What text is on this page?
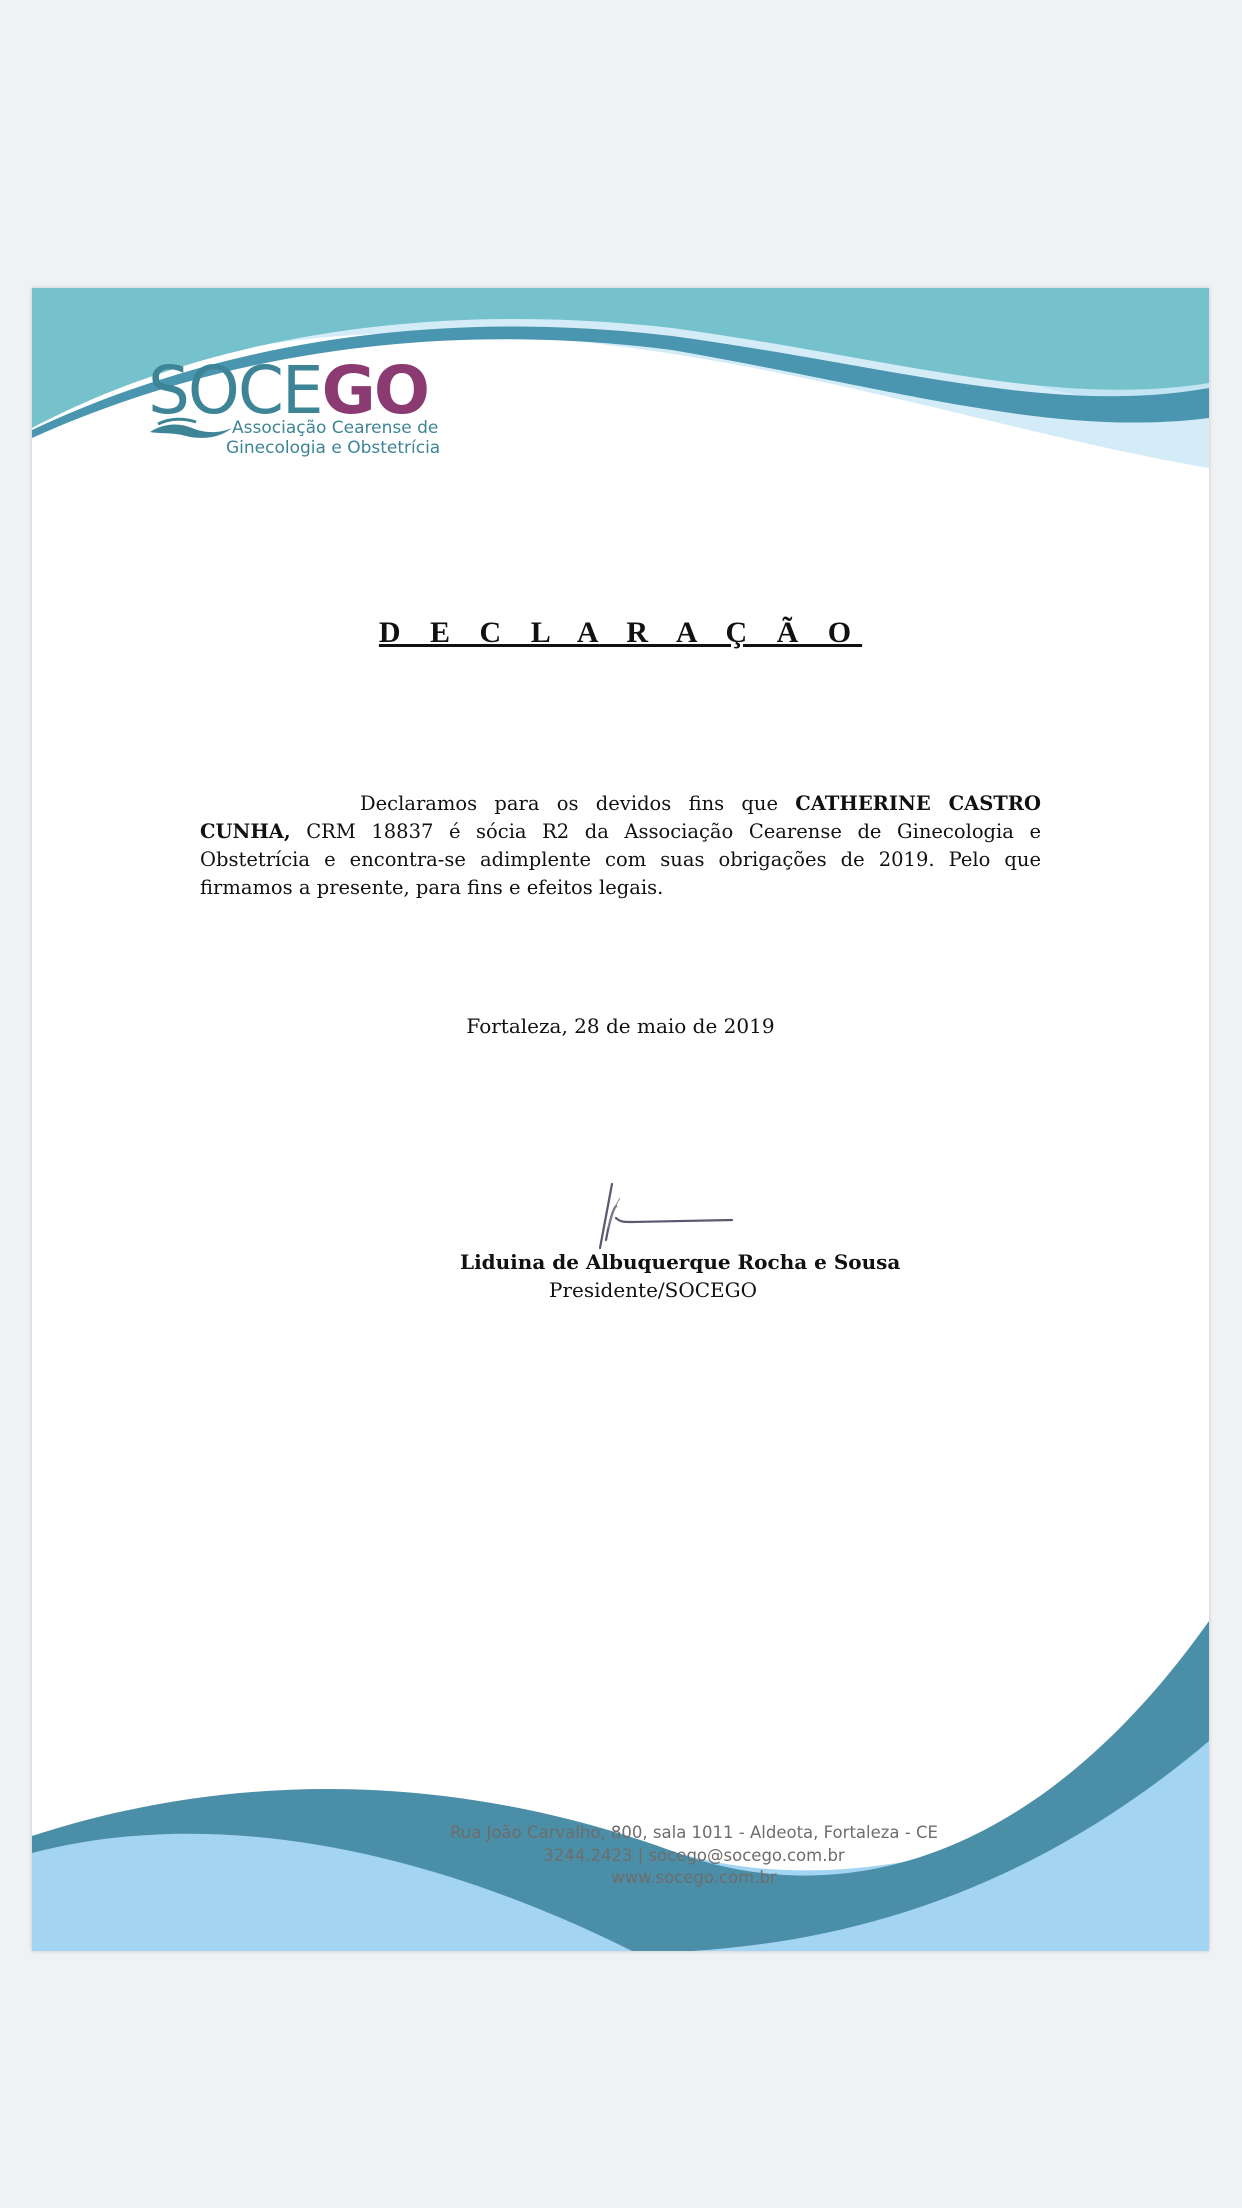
SOCEGO
Associação Cearense de
Ginecologia e Obstetrícia
D E C L A R A Ç Ã O
Declaramos para os devidos fins que CATHERINE CASTRO CUNHA, CRM 18837 é sócia R2 da Associação Cearense de Ginecologia e Obstetrícia e encontra-se adimplente com suas obrigações de 2019. Pelo que firmamos a presente, para fins e efeitos legais.
Fortaleza, 28 de maio de 2019
Liduina de Albuquerque Rocha e Sousa
Presidente/SOCEGO
Rua João Carvalho, 800, sala 1011 - Aldeota, Fortaleza - CE
3244.2423 | socego@socego.com.br
www.socego.com.br
